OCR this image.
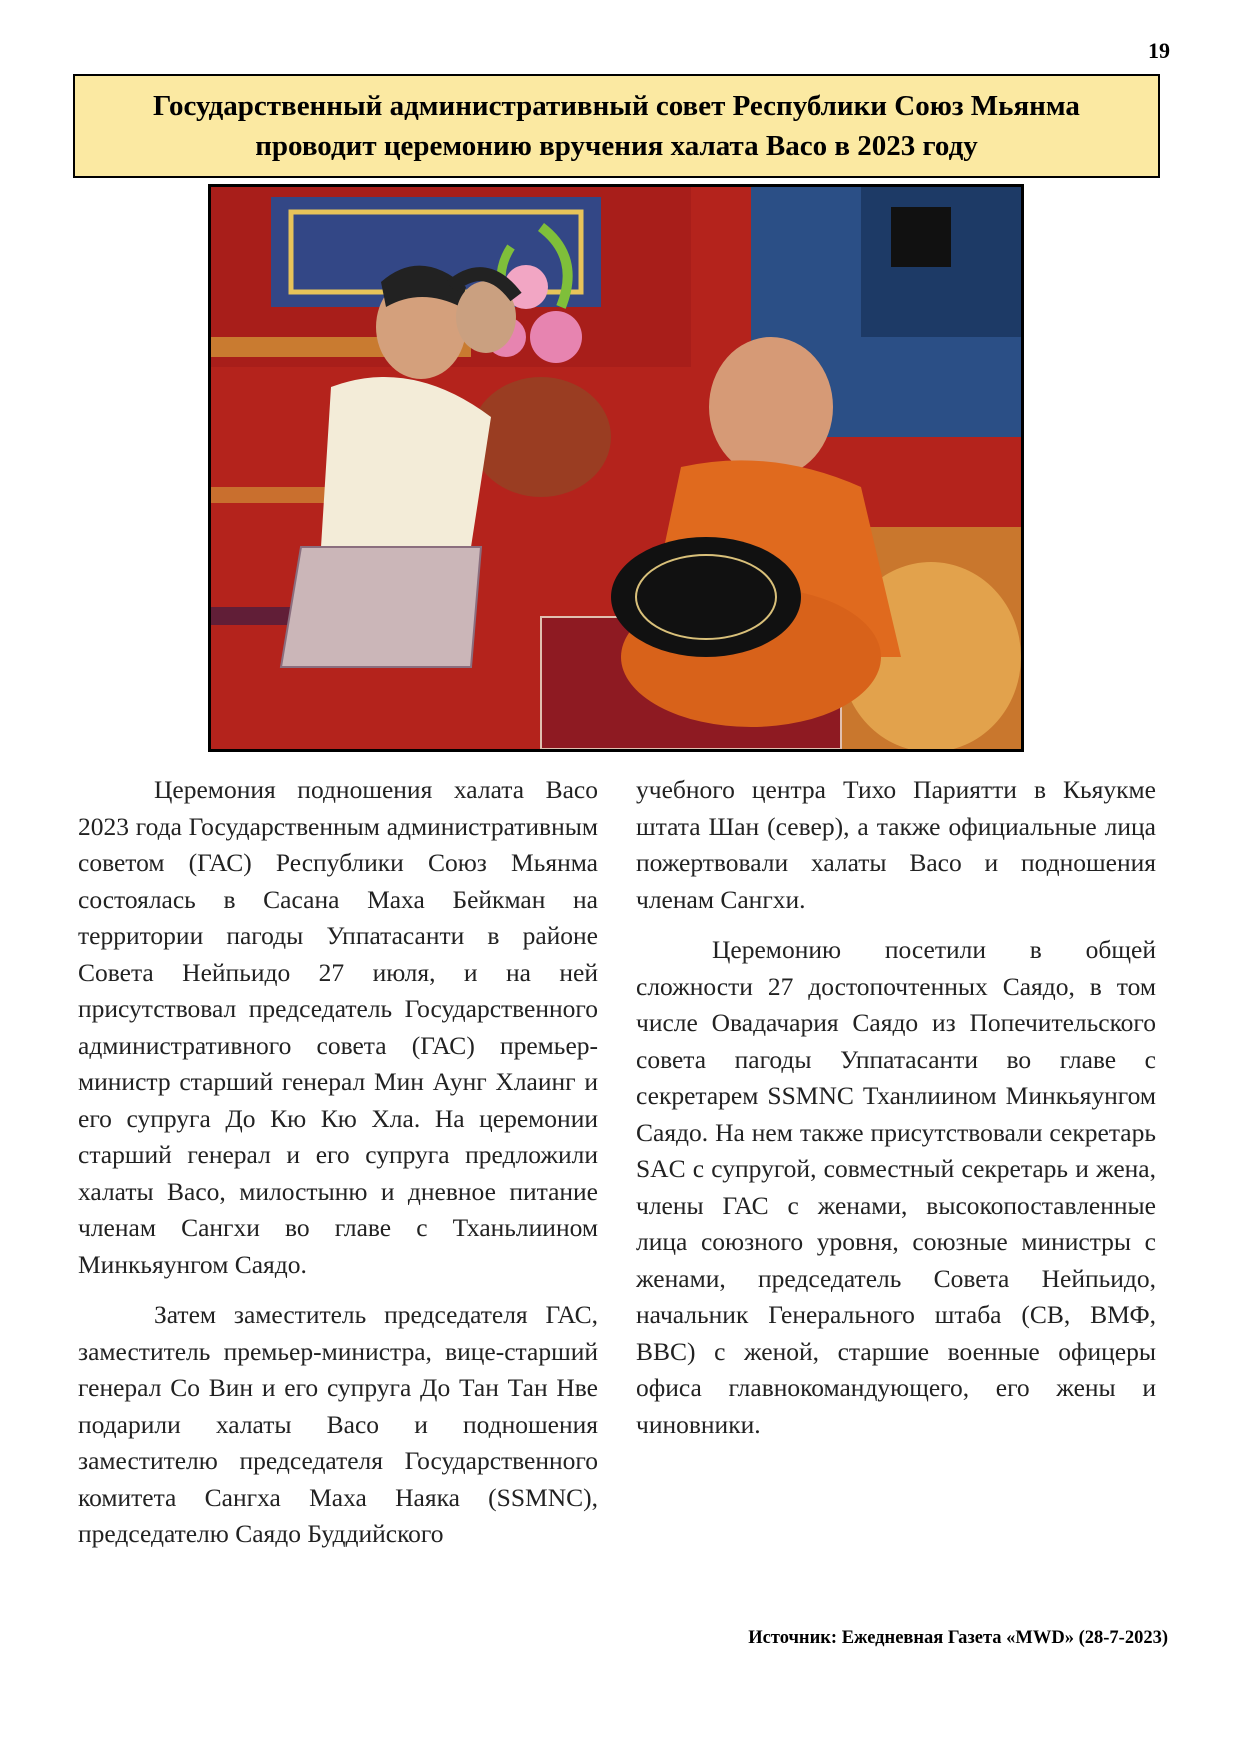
19
Государственный административный совет Республики Союз Мьянма
проводит церемонию вручения халата Васо в 2023 году

Церемония подношения халата Васо 2023 года Государственным административным советом (ГАС) Республики Союз Мьянма состоялась в Сасана Маха Бейкман на территории пагоды Уппатасанти в районе Совета Нейпьидо 27 июля, и на ней присутствовал председатель Государственного административного совета (ГАС) премьер-министр старший генерал Мин Аунг Хлаинг и его супруга До Кю Кю Хла. На церемонии старший генерал и его супруга предложили халаты Васо, милостыню и дневное питание членам Сангхи во главе с Тханьлиином Минкьяунгом Саядо.

Затем заместитель председателя ГАС, заместитель премьер-министра, вице-старший генерал Со Вин и его супруга До Тан Тан Нве подарили халаты Васо и подношения заместителю председателя Государственного комитета Сангха Маха Наяка (SSMNC), председателю Саядо Буддийского

учебного центра Тихо Париятти в Кьяукме штата Шан (север), а также официальные лица пожертвовали халаты Васо и подношения членам Сангхи.

Церемонию посетили в общей сложности 27 достопочтенных Саядо, в том числе Овадачария Саядо из Попечительского совета пагоды Уппатасанти во главе с секретарем SSMNC Тханлиином Минкьяунгом Саядо. На нем также присутствовали секретарь SAC с супругой, совместный секретарь и жена, члены ГАС с женами, высокопоставленные лица союзного уровня, союзные министры с женами, председатель Совета Нейпьидо, начальник Генерального штаба (СВ, ВМФ, ВВС) с женой, старшие военные офицеры офиса главнокомандующего, его жены и чиновники.

Источник: Ежедневная Газета «MWD» (28-7-2023)
